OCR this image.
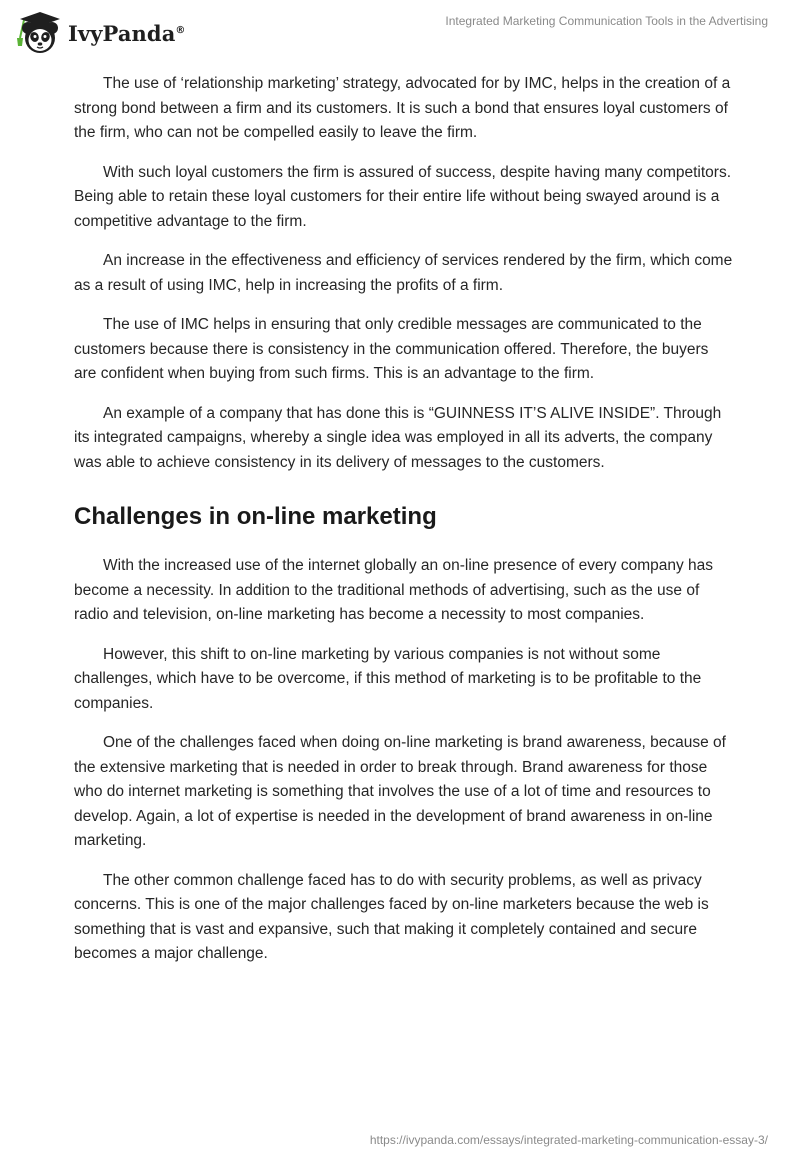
IvyPanda®
Integrated Marketing Communication Tools in the Advertising

The use of ‘relationship marketing’ strategy, advocated for by IMC, helps in the creation of a strong bond between a firm and its customers. It is such a bond that ensures loyal customers of the firm, who can not be compelled easily to leave the firm.

With such loyal customers the firm is assured of success, despite having many competitors. Being able to retain these loyal customers for their entire life without being swayed around is a competitive advantage to the firm.

An increase in the effectiveness and efficiency of services rendered by the firm, which come as a result of using IMC, help in increasing the profits of a firm.

The use of IMC helps in ensuring that only credible messages are communicated to the customers because there is consistency in the communication offered. Therefore, the buyers are confident when buying from such firms. This is an advantage to the firm.

An example of a company that has done this is “GUINNESS IT’S ALIVE INSIDE”. Through its integrated campaigns, whereby a single idea was employed in all its adverts, the company was able to achieve consistency in its delivery of messages to the customers.

Challenges in on-line marketing

With the increased use of the internet globally an on-line presence of every company has become a necessity. In addition to the traditional methods of advertising, such as the use of radio and television, on-line marketing has become a necessity to most companies.

However, this shift to on-line marketing by various companies is not without some challenges, which have to be overcome, if this method of marketing is to be profitable to the companies.

One of the challenges faced when doing on-line marketing is brand awareness, because of the extensive marketing that is needed in order to break through. Brand awareness for those who do internet marketing is something that involves the use of a lot of time and resources to develop. Again, a lot of expertise is needed in the development of brand awareness in on-line marketing.

The other common challenge faced has to do with security problems, as well as privacy concerns. This is one of the major challenges faced by on-line marketers because the web is something that is vast and expansive, such that making it completely contained and secure becomes a major challenge.

https://ivypanda.com/essays/integrated-marketing-communication-essay-3/
